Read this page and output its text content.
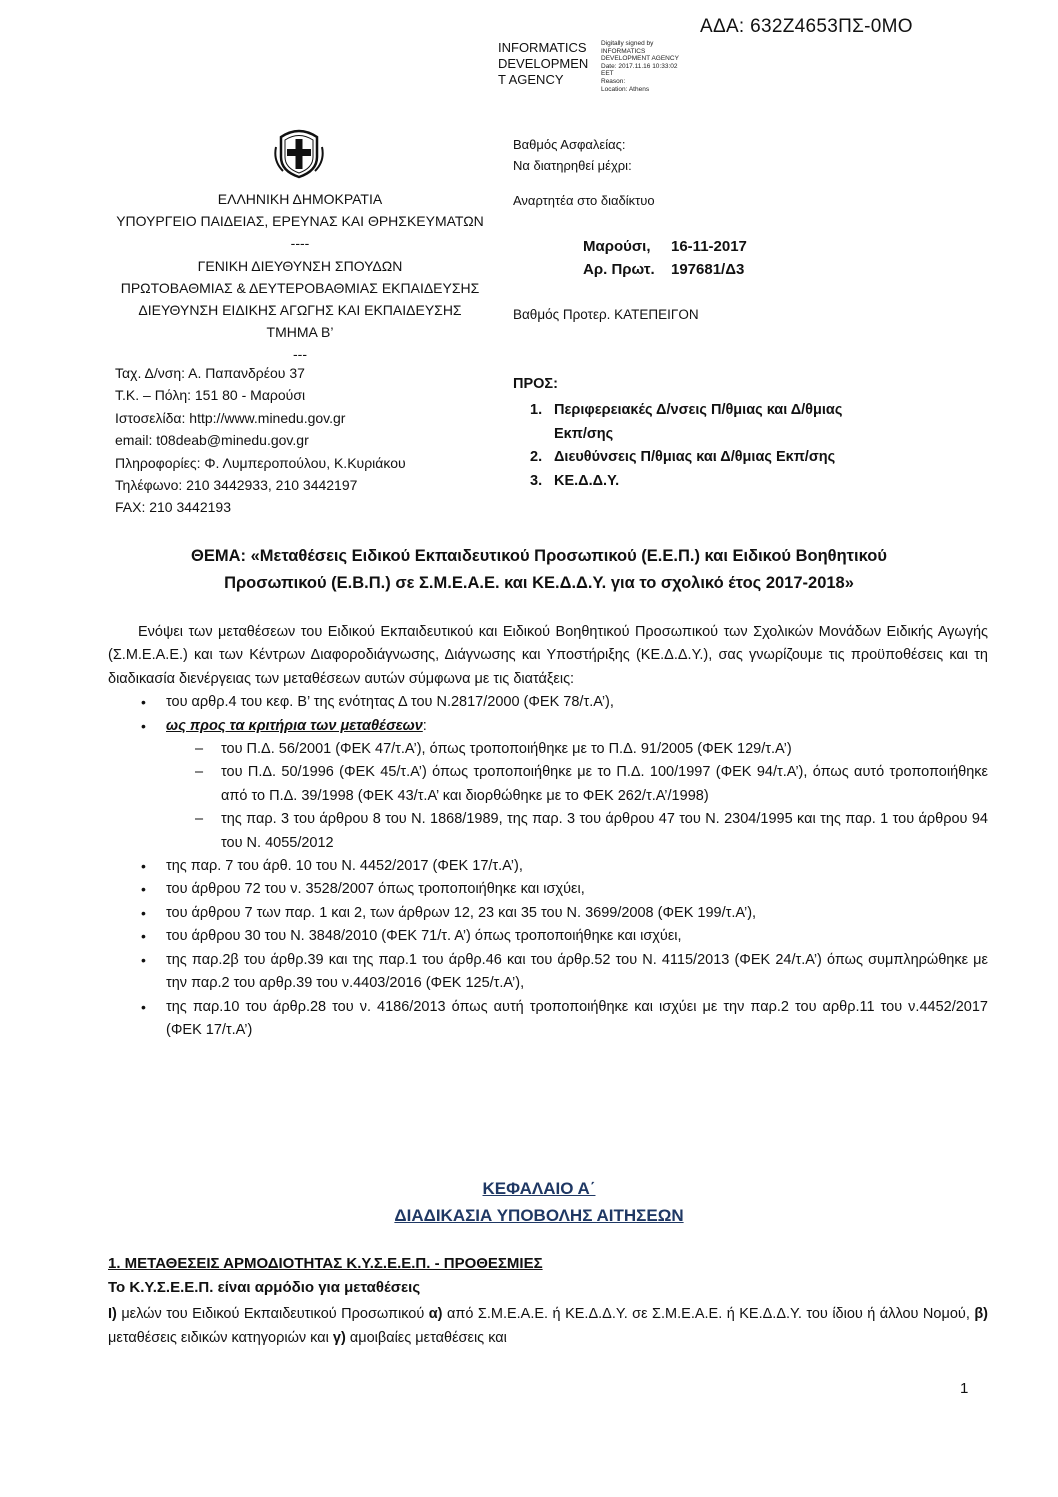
ΑΔΑ: 632Ζ4653ΠΣ-0ΜΟ
INFORMATICS
DEVELOPMEN
T AGENCY
Digitally signed by
INFORMATICS
DEVELOPMENT AGENCY
Date: 2017.11.16 10:33:02
EET
Reason:
Location: Athens
ΕΛΛΗΝΙΚΗ ΔΗΜΟΚΡΑΤΙΑ
ΥΠΟΥΡΓΕΙΟ ΠΑΙΔΕΙΑΣ, ΕΡΕΥΝΑΣ ΚΑΙ ΘΡΗΣΚΕΥΜΑΤΩΝ
----
ΓΕΝΙΚΗ ΔΙΕΥΘΥΝΣΗ ΣΠΟΥΔΩΝ
ΠΡΩΤΟΒΑΘΜΙΑΣ & ΔΕΥΤΕΡΟΒΑΘΜΙΑΣ ΕΚΠΑΙΔΕΥΣΗΣ
ΔΙΕΥΘΥΝΣΗ ΕΙΔΙΚΗΣ ΑΓΩΓΗΣ ΚΑΙ ΕΚΠΑΙΔΕΥΣΗΣ
ΤΜΗΜΑ Β’
---
Ταχ. Δ/νση: Α. Παπανδρέου 37
Τ.Κ. – Πόλη: 151 80 - Μαρούσι
Ιστοσελίδα: http://www.minedu.gov.gr
email: t08deab@minedu.gov.gr
Πληροφορίες: Φ. Λυμπεροπούλου, Κ.Κυριάκου
Τηλέφωνο: 210 3442933, 210 3442197
FAX: 210 3442193
Βαθμός Ασφαλείας:
Να διατηρηθεί μέχρι:
Αναρτητέα στο διαδίκτυο
Μαρούσι, 16-11-2017
Αρ. Πρωτ. 197681/Δ3
Βαθμός Προτερ. ΚΑΤΕΠΕΙΓΟΝ
ΠΡΟΣ:
1. Περιφερειακές Δ/νσεις Π/θμιας και Δ/θμιας
Εκπ/σης
2. Διευθύνσεις Π/θμιας και Δ/θμιας Εκπ/σης
3. ΚΕ.Δ.Δ.Υ.
ΘΕΜΑ: «Μεταθέσεις Ειδικού Εκπαιδευτικού Προσωπικού (Ε.Ε.Π.) και Ειδικού Βοηθητικού
Προσωπικού (Ε.Β.Π.) σε Σ.Μ.Ε.Α.Ε. και ΚΕ.Δ.Δ.Υ. για το σχολικό έτος 2017-2018»

Ενόψει των μεταθέσεων του Ειδικού Εκπαιδευτικού και Ειδικού Βοηθητικού Προσωπικού των Σχολικών Μονάδων Ειδικής Αγωγής (Σ.Μ.Ε.Α.Ε.) και των Κέντρων Διαφοροδιάγνωσης, Διάγνωσης και Υποστήριξης (ΚΕ.Δ.Δ.Υ.), σας γνωρίζουμε τις προϋποθέσεις και τη διαδικασία διενέργειας των μεταθέσεων αυτών σύμφωνα με τις διατάξεις:

• του αρθρ.4 του κεφ. Β’ της ενότητας Δ του Ν.2817/2000 (ΦΕΚ 78/τ.Α’),
• ως προς τα κριτήρια των μεταθέσεων:
– του Π.Δ. 56/2001 (ΦΕΚ 47/τ.Α’), όπως τροποποιήθηκε με το Π.Δ. 91/2005 (ΦΕΚ 129/τ.Α’)
– του Π.Δ. 50/1996 (ΦΕΚ 45/τ.Α’) όπως τροποποιήθηκε με το Π.Δ. 100/1997 (ΦΕΚ 94/τ.Α’), όπως αυτό τροποποιήθηκε από το Π.Δ. 39/1998 (ΦΕΚ 43/τ.Α’ και διορθώθηκε με το ΦΕΚ 262/τ.Α’/1998)
– της παρ. 3 του άρθρου 8 του Ν. 1868/1989, της παρ. 3 του άρθρου 47 του Ν. 2304/1995 και της παρ. 1 του άρθρου 94 του Ν. 4055/2012
• της παρ. 7 του άρθ. 10 του Ν. 4452/2017 (ΦΕΚ 17/τ.Α’),
• του άρθρου 72 του ν. 3528/2007 όπως τροποποιήθηκε και ισχύει,
• του άρθρου 7 των παρ. 1 και 2, των άρθρων 12, 23 και 35 του Ν. 3699/2008 (ΦΕΚ 199/τ.Α’),
• του άρθρου 30 του Ν. 3848/2010 (ΦΕΚ 71/τ. Α’) όπως τροποποιήθηκε και ισχύει,
• της παρ.2β του άρθρ.39 και της παρ.1 του άρθρ.46 και του άρθρ.52 του Ν. 4115/2013 (ΦΕΚ 24/τ.Α’) όπως συμπληρώθηκε με την παρ.2 του αρθρ.39 του ν.4403/2016 (ΦΕΚ 125/τ.Α’),
• της παρ.10 του άρθρ.28 του ν. 4186/2013 όπως αυτή τροποποιήθηκε και ισχύει με την παρ.2 του αρθρ.11 του ν.4452/2017 (ΦΕΚ 17/τ.Α’)
ΚΕΦΑΛΑΙΟ Α΄
ΔΙΑΔΙΚΑΣΙΑ ΥΠΟΒΟΛΗΣ ΑΙΤΗΣΕΩΝ
1. ΜΕΤΑΘΕΣΕΙΣ ΑΡΜΟΔΙΟΤΗΤΑΣ Κ.Υ.Σ.Ε.Ε.Π. - ΠΡΟΘΕΣΜΙΕΣ
Το Κ.Υ.Σ.Ε.Ε.Π. είναι αρμόδιο για μεταθέσεις

I) μελών του Ειδικού Εκπαιδευτικού Προσωπικού α) από Σ.Μ.Ε.Α.Ε. ή ΚΕ.Δ.Δ.Υ. σε Σ.Μ.Ε.Α.Ε. ή ΚΕ.Δ.Δ.Υ. του ίδιου ή άλλου Νομού, β) μεταθέσεις ειδικών κατηγοριών και γ) αμοιβαίες μεταθέσεις και

1
